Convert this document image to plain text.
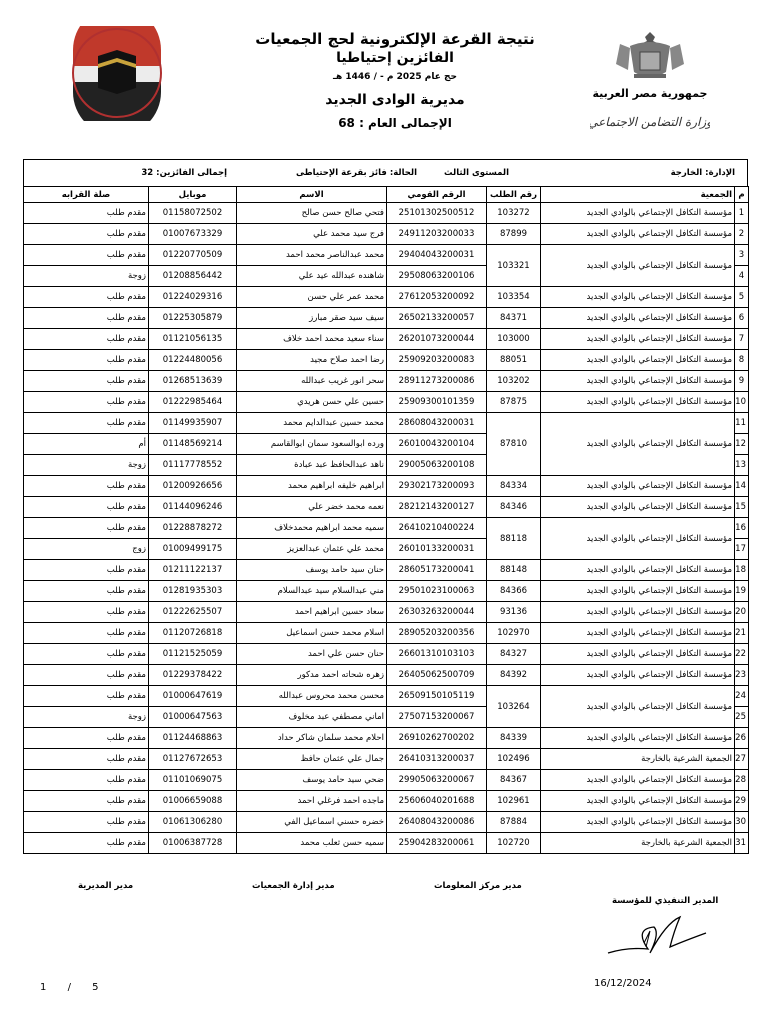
جمهورية مصر العربية
وزارة التضامن الاجتماعي
نتيجة القرعة الإلكترونية لحج الجمعيات
الفائزين إحتياطيا
حج عام 2025 م - / 1446 هـ
مديرية الوادى الجديد
الإجمالى العام : 68
الإدارة: الخارجة
المستوى الثالث
الحالة: فائز بقرعة الإحتياطى
إجمالى الفائزين: 32
م	الجمعية	رقم الطلب	الرقم القومي	الاسم	موبايل	صلة القرابه
1	مؤسسة التكافل الإجتماعي بالوادي الجديد	103272	25101302500512	فتحي صالح حسن صالح	01158072502	مقدم طلب
2	مؤسسة التكافل الإجتماعي بالوادي الجديد	87899	24911203200033	فرج سيد محمد علي	01007673329	مقدم طلب
3	مؤسسة التكافل الإجتماعي بالوادي الجديد	103321	29404043200031	محمد عبدالناصر محمد احمد	01220770509	مقدم طلب
4			29508063200106	شاهنده عبدالله عيد علي	01208856442	زوجة
5	مؤسسة التكافل الإجتماعي بالوادي الجديد	103354	27612053200092	محمد عمر علي حسن	01224029316	مقدم طلب
6	مؤسسة التكافل الإجتماعي بالوادي الجديد	84371	26502133200057	سيف سيد صقر مبارز	01225305879	مقدم طلب
7	مؤسسة التكافل الإجتماعي بالوادي الجديد	103000	26201073200044	سناء سعيد محمد احمد خلاف	01121056135	مقدم طلب
8	مؤسسة التكافل الإجتماعي بالوادي الجديد	88051	25909203200083	رضا احمد صلاح مجيد	01224480056	مقدم طلب
9	مؤسسة التكافل الإجتماعي بالوادي الجديد	103202	28911273200086	سحر انور غريب عبدالله	01268513639	مقدم طلب
10	مؤسسة التكافل الإجتماعي بالوادي الجديد	87875	25909300101359	حسين علي حسن هريدي	01222985464	مقدم طلب
11	مؤسسة التكافل الإجتماعي بالوادي الجديد	87810	28608043200031	محمد حسين عبدالدايم محمد	01149935907	مقدم طلب
12			26010043200104	ورده ابوالسعود سمان ابوالقاسم	01148569214	أم
13			29005063200108	ناهد عبدالحافظ عبد عبادة	01117778552	زوجة
14	مؤسسة التكافل الإجتماعي بالوادي الجديد	84334	29302173200093	ابراهيم خليفه ابراهيم محمد	01200926656	مقدم طلب
15	مؤسسة التكافل الإجتماعي بالوادي الجديد	84346	28212143200127	نعمه محمد خضر علي	01144096246	مقدم طلب
16	مؤسسة التكافل الإجتماعي بالوادي الجديد	88118	26410210400224	سميه محمد ابراهيم محمدخلاف	01228878272	مقدم طلب
17			26010133200031	محمد علي عثمان عبدالعزيز	01009499175	زوج
18	مؤسسة التكافل الإجتماعي بالوادي الجديد	88148	28605173200041	حنان سيد حامد يوسف	01211122137	مقدم طلب
19	مؤسسة التكافل الإجتماعي بالوادي الجديد	84366	29501023100063	مني عبدالسلام سيد عبدالسلام	01281935303	مقدم طلب
20	مؤسسة التكافل الإجتماعي بالوادي الجديد	93136	26303263200044	سعاد حسين ابراهيم احمد	01222625507	مقدم طلب
21	مؤسسة التكافل الإجتماعي بالوادي الجديد	102970	28905203200356	اسلام محمد حسن اسماعيل	01120726818	مقدم طلب
22	مؤسسة التكافل الإجتماعي بالوادي الجديد	84327	26601310103103	حنان حسن علي احمد	01121525059	مقدم طلب
23	مؤسسة التكافل الإجتماعي بالوادي الجديد	84392	26405062500709	زهره شحاته احمد مدكور	01229378422	مقدم طلب
24	مؤسسة التكافل الإجتماعي بالوادي الجديد	103264	26509150105119	محسن محمد محروس عبدالله	01000647619	مقدم طلب
25			27507153200067	اماني مصطفي عبد مخلوف	01000647563	زوجة
26	مؤسسة التكافل الإجتماعي بالوادي الجديد	84339	26910262700202	احلام محمد سلمان شاكر حداد	01124468863	مقدم طلب
27	الجمعية الشرعية بالخارجة	102496	26410313200037	جمال علي عثمان حافظ	01127672653	مقدم طلب
28	مؤسسة التكافل الإجتماعي بالوادي الجديد	84367	29905063200067	ضحي سيد حامد يوسف	01101069075	مقدم طلب
29	مؤسسة التكافل الإجتماعي بالوادي الجديد	102961	25606040201688	ماجده احمد فرغلي احمد	01006659088	مقدم طلب
30	مؤسسة التكافل الإجتماعي بالوادي الجديد	87884	26408043200086	خضره حسني اسماعيل الفي	01061306280	مقدم طلب
31	الجمعية الشرعية بالخارجة	102720	25904283200061	سميه حسن ثعلب محمد	01006387728	مقدم طلب
مدير مركز المعلومات
مدير إدارة الجمعيات
مدير المديرية
المدير التنفيذي للمؤسسة
1 / 5	16/12/2024
